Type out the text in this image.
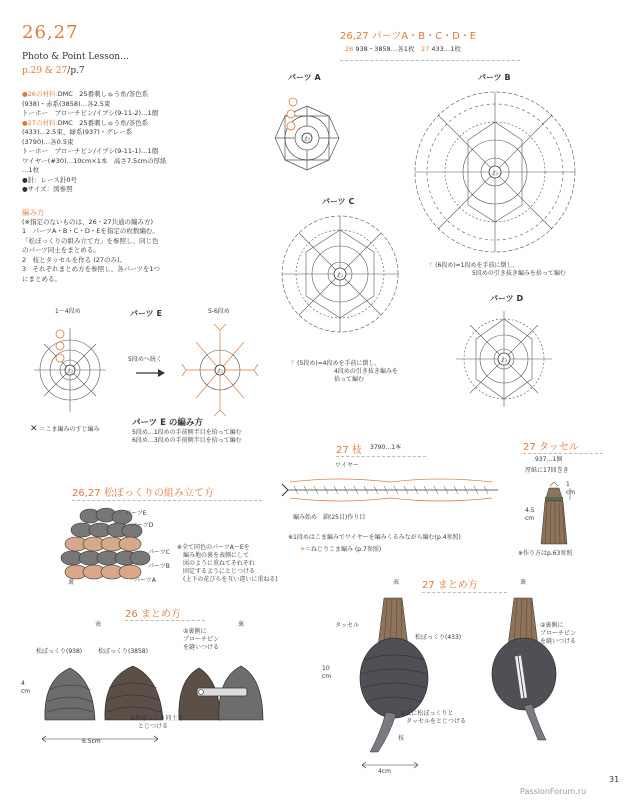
26,27
Photo & Point Lesson…
p.29 & 27/p.7
●26の材料:DMC　25番刺しゅう糸/茶色系
(938)・赤系(3858)…各2.5束
トーホー　ブローチピン/イブシ(9-11-2)…1個
●27の材料:DMC　25番刺しゅう糸/茶色系
(433)…2.5束、緑系(937)・グレー系
(3790)…各0.5束
トーホー　ブローチピン/イブシ(9-11-1)…1個
ワイヤー(#30)…10cm×1本　高さ7.5cmの厚紙
…1枚
●針：レース針0号
●サイズ：図参照
編み方
(※指定のないものは、26・27共通の編み方)
1　パーツA・B・C・D・Eを指定の枚数編む。
「松ぼっくりの組み立て方」を参照し、同じ色
のパーツ同士をまとめる。
2　枝とタッセルを作る (27のみ)。
3　それぞれまとめ方を参照し、各パーツを1つ
にまとめる。
26,27 パーツA・B・C・D・E
26 938・3858…各1枚　 27 433…1枚
パーツ A
わ
パーツ B
わ
⊤ (6段め)=1段めを手前に倒し、
5段めの引き抜き編みを拾って編む
パーツ C
わ
⊤ (5段め)=4段めを手前に倒し、
4段めの引き抜き編みを
拾って編む
パーツ D
わ
1〜4段め	パーツ E	5-6段め
わ
5段めへ続く
わ
パーツ E の編み方
5段め…1段めの手前側半目を拾って編む
6段め…3段めの手前側半目を拾って編む
✕ ＝こま編みのすじ編み
26,27 松ぼっくりの組み立て方
パーツE
パーツD
パーツC
パーツB
パーツA
裏
※全て同色のパーツA〜Eを
編み地の裏を表側にして
図のように重ねてそれぞれ
固定するようにとじつける
(上下の花びらを互い違いに重ねる)
26 まとめ方
表	裏
②裏側に
ブローチピン
を縫いつける
松ぼっくり(938)	松ぼっくり(3858)
4
cm
①松ぼっくり同士を
とじつける
6.5cm
27 枝 3790…1本
ワイヤー
編み始め　鎖(25目)作り目
※1段めはこま編みでワイヤーを編みくるみながら編む(p.4参照)
✳＝ねじりこま編み (p.7参照)
27 タッセル
937…1個
厚紙に17回巻き
1
cm
4.5
cm
※作り方はp.63参照
表 27 まとめ方	裏
タッセル
松ぼっくり(433)
②裏側に
ブローチピン
を縫いつける
10
cm
①枝に松ぼっくりと
タッセルをとじつける
枝
4cm
31
PassionForum.ru
